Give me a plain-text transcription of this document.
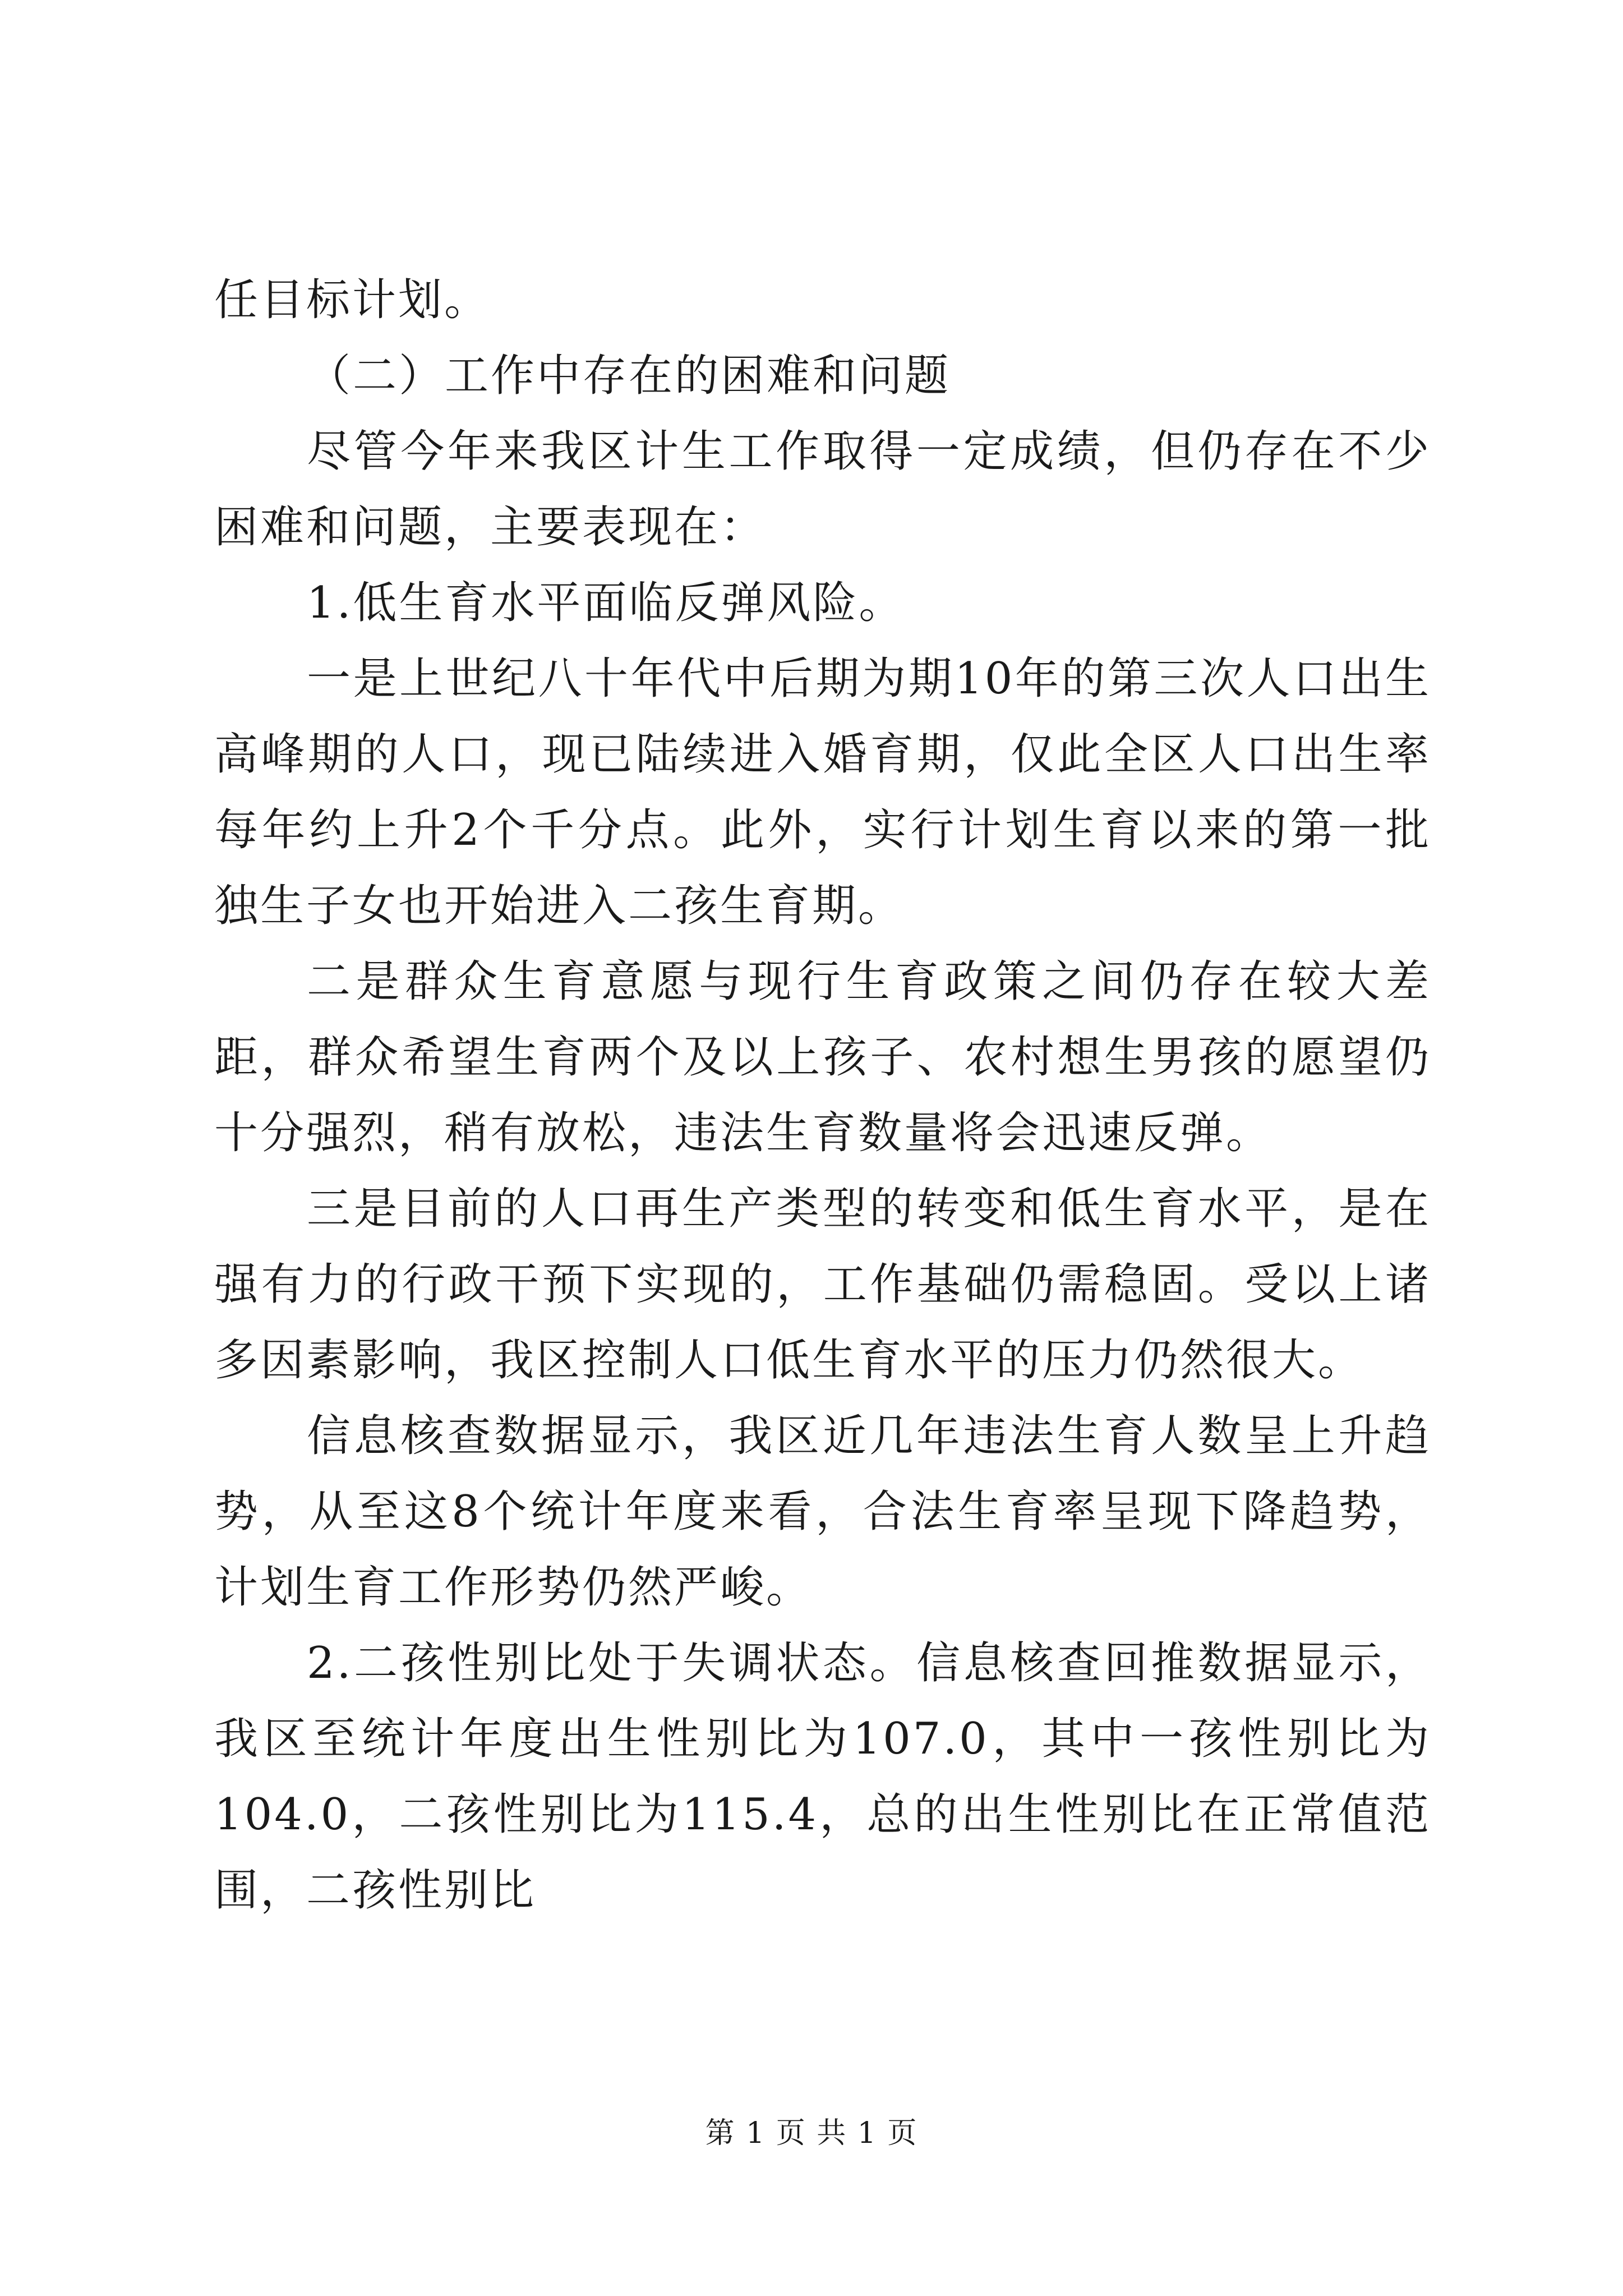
任目标计划。

（二）工作中存在的困难和问题

尽管今年来我区计生工作取得一定成绩，但仍存在不少困难和问题，主要表现在：

1.低生育水平面临反弹风险。

一是上世纪八十年代中后期为期10年的第三次人口出生高峰期的人口，现已陆续进入婚育期，仅此全区人口出生率每年约上升2个千分点。此外，实行计划生育以来的第一批独生子女也开始进入二孩生育期。

二是群众生育意愿与现行生育政策之间仍存在较大差距，群众希望生育两个及以上孩子、农村想生男孩的愿望仍十分强烈，稍有放松，违法生育数量将会迅速反弹。

三是目前的人口再生产类型的转变和低生育水平，是在强有力的行政干预下实现的，工作基础仍需稳固。受以上诸多因素影响，我区控制人口低生育水平的压力仍然很大。

信息核查数据显示，我区近几年违法生育人数呈上升趋势，从至这8个统计年度来看，合法生育率呈现下降趋势，计划生育工作形势仍然严峻。

2.二孩性别比处于失调状态。信息核查回推数据显示，我区至统计年度出生性别比为107.0，其中一孩性别比为104.0，二孩性别比为115.4，总的出生性别比在正常值范围，二孩性别比

第 1 页 共 1 页
